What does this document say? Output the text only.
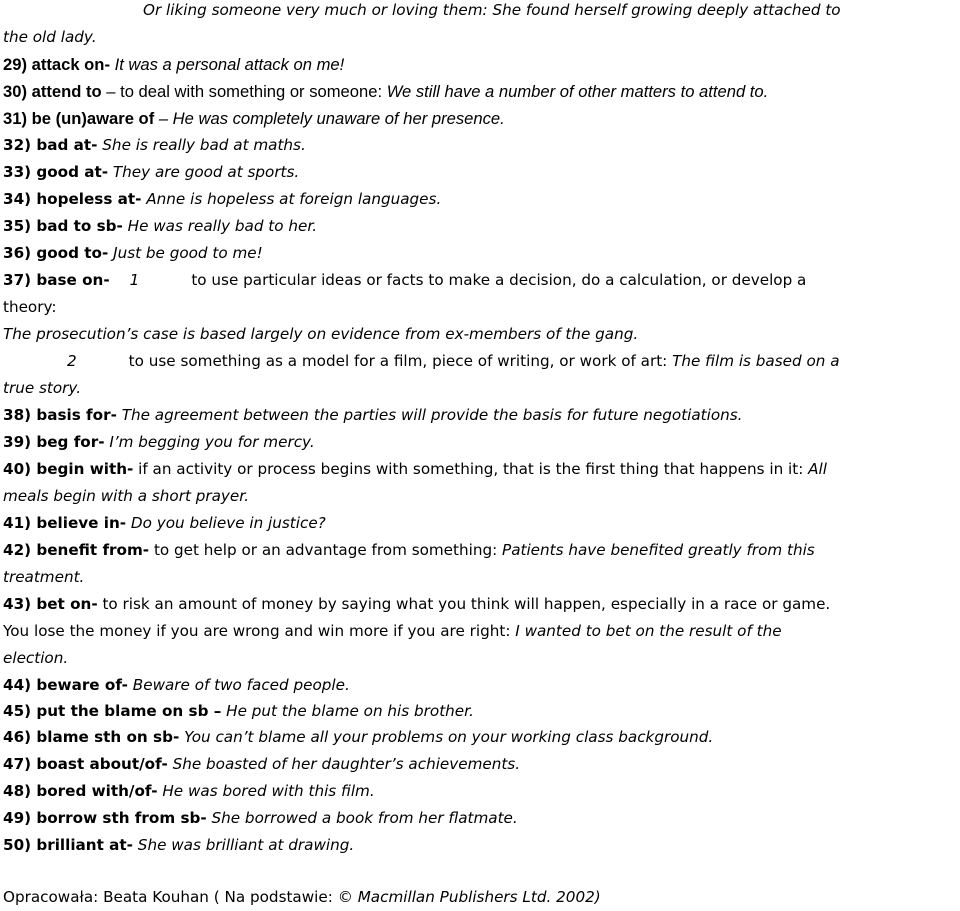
Or liking someone very much or loving them: She found herself growing deeply attached to
the old lady.
29) attack on- It was a personal attack on me!
30) attend to – to deal with something or someone: We still have a number of other matters to attend to.
31) be (un)aware of – He was completely unaware of her presence.
32) bad at- She is really bad at maths.
33) good at- They are good at sports.
34) hopeless at- Anne is hopeless at foreign languages.
35) bad to sb- He was really bad to her.
36) good to- Just be good to me!
37) base on- 1	to use particular ideas or facts to make a decision, do a calculation, or develop a
theory:
The prosecution’s case is based largely on evidence from ex-members of the gang.
2	to use something as a model for a film, piece of writing, or work of art: The film is based on a
true story.
38) basis for- The agreement between the parties will provide the basis for future negotiations.
39) beg for- I’m begging you for mercy.
40) begin with- if an activity or process begins with something, that is the first thing that happens in it: All
meals begin with a short prayer.
41) believe in- Do you believe in justice?
42) benefit from- to get help or an advantage from something: Patients have benefited greatly from this
treatment.
43) bet on- to risk an amount of money by saying what you think will happen, especially in a race or game.
You lose the money if you are wrong and win more if you are right: I wanted to bet on the result of the
election.
44) beware of- Beware of two faced people.
45) put the blame on sb – He put the blame on his brother.
46) blame sth on sb- You can’t blame all your problems on your working class background.
47) boast about/of- She boasted of her daughter’s achievements.
48) bored with/of- He was bored with this film.
49) borrow sth from sb- She borrowed a book from her flatmate.
50) brilliant at- She was brilliant at drawing.
Opracowała: Beata Kouhan ( Na podstawie: © Macmillan Publishers Ltd. 2002)
